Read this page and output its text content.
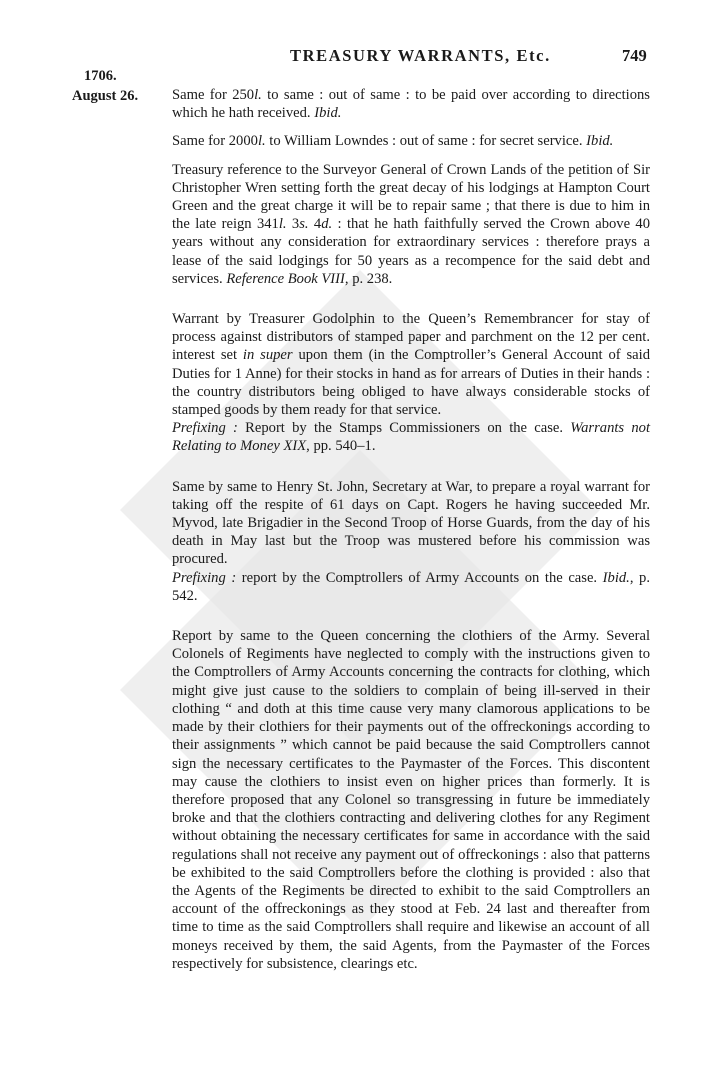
TREASURY WARRANTS, Etc.	749
1706.
August 26. Same for 250l. to same : out of same : to be paid over according to directions which he hath received. Ibid.

Same for 2000l. to William Lowndes : out of same : for secret service. Ibid.

Treasury reference to the Surveyor General of Crown Lands of the petition of Sir Christopher Wren setting forth the great decay of his lodgings at Hampton Court Green and the great charge it will be to repair same ; that there is due to him in the late reign 341l. 3s. 4d. : that he hath faithfully served the Crown above 40 years without any consideration for extraordinary services : therefore prays a lease of the said lodgings for 50 years as a recompence for the said debt and services. Reference Book VIII, p. 238.

Warrant by Treasurer Godolphin to the Queen’s Remembrancer for stay of process against distributors of stamped paper and parchment on the 12 per cent. interest set in super upon them (in the Comptroller’s General Account of said Duties for 1 Anne) for their stocks in hand as for arrears of Duties in their hands : the country distributors being obliged to have always considerable stocks of stamped goods by them ready for that service.

Prefixing : Report by the Stamps Commissioners on the case. Warrants not Relating to Money XIX, pp. 540–1.

Same by same to Henry St. John, Secretary at War, to prepare a royal warrant for taking off the respite of 61 days on Capt. Rogers he having succeeded Mr. Myvod, late Brigadier in the Second Troop of Horse Guards, from the day of his death in May last but the Troop was mustered before his commission was procured.

Prefixing : report by the Comptrollers of Army Accounts on the case. Ibid., p. 542.

Report by same to the Queen concerning the clothiers of the Army. Several Colonels of Regiments have neglected to comply with the instructions given to the Comptrollers of Army Accounts concerning the contracts for clothing, which might give just cause to the soldiers to complain of being ill-served in their clothing “ and doth at this time cause very many clamorous applications to be made by their clothiers for their payments out of the offreckonings according to their assignments ” which cannot be paid because the said Comptrollers cannot sign the necessary certificates to the Paymaster of the Forces. This discontent may cause the clothiers to insist even on higher prices than formerly. It is therefore proposed that any Colonel so transgressing in future be immediately broke and that the clothiers contracting and delivering clothes for any Regiment without obtaining the necessary certificates for same in accordance with the said regulations shall not receive any payment out of offreckonings : also that patterns be exhibited to the said Comptrollers before the clothing is provided : also that the Agents of the Regiments be directed to exhibit to the said Comptrollers an account of the offreckonings as they stood at Feb. 24 last and thereafter from time to time as the said Comptrollers shall require and likewise an account of all moneys received by them, the said Agents, from the Paymaster of the Forces respectively for subsistence, clearings etc.
